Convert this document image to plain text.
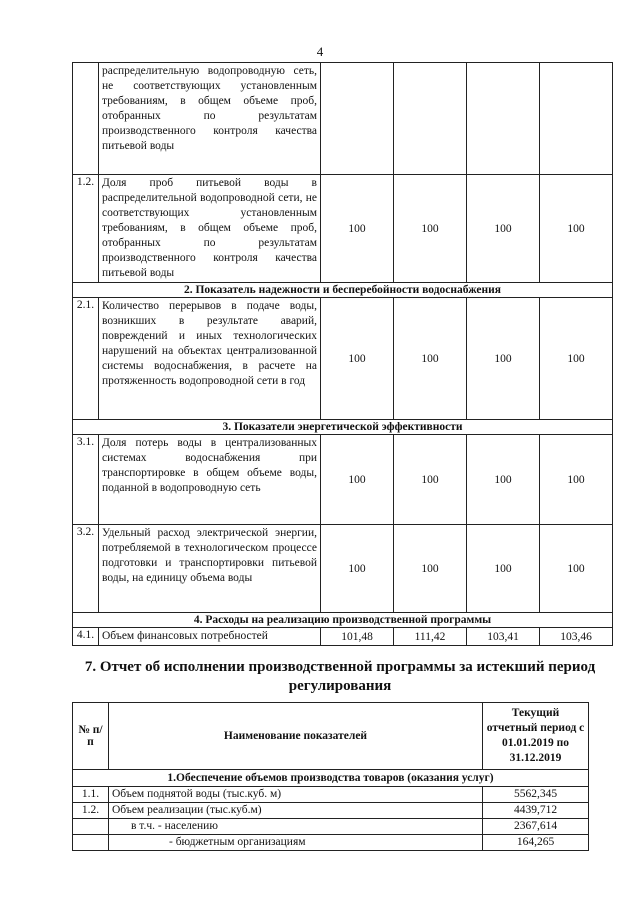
4
	распределительную водопроводную сеть, не соответствующих установленным требованиям, в общем объеме проб, отобранных по результатам производственного контроля качества питьевой воды				
1.2.	Доля проб питьевой воды в распределительной водопроводной сети, не соответствующих установленным требованиям, в общем объеме проб, отобранных по результатам производственного контроля качества питьевой воды	100	100	100	100
2. Показатель надежности и бесперебойности водоснабжения					
2.1.	Количество перерывов в подаче воды, возникших в результате аварий, повреждений и иных технологических нарушений на объектах централизованной системы водоснабжения, в расчете на протяженность водопроводной сети в год	100	100	100	100
3. Показатели энергетической эффективности					
3.1.	Доля потерь воды в централизованных системах водоснабжения при транспортировке в общем объеме воды, поданной в водопроводную сеть	100	100	100	100
3.2.	Удельный расход электрической энергии, потребляемой в технологическом процессе подготовки и транспортировки питьевой воды, на единицу объема воды	100	100	100	100
4. Расходы на реализацию производственной программы					
4.1.	Объем финансовых потребностей	101,48	111,42	103,41	103,46
7. Отчет об исполнении производственной программы за истекший период регулирования
№ п/п	Наименование показателей	Текущий отчетный период с 01.01.2019 по 31.12.2019
1.Обеспечение объемов производства товаров (оказания услуг)		
1.1.	Объем поднятой воды (тыс.куб. м)	5562,345
1.2.	Объем реализации (тыс.куб.м)	4439,712
	в т.ч. - населению	2367,614
	- бюджетным организациям	164,265
